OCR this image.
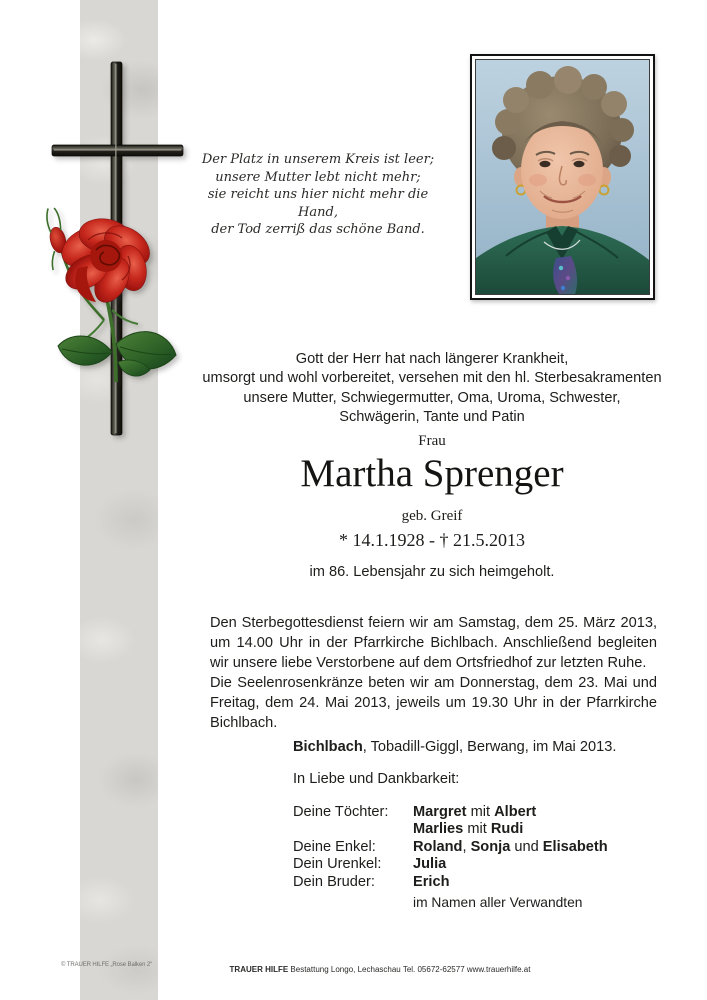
Der Platz in unserem Kreis ist leer;
unsere Mutter lebt nicht mehr;
sie reicht uns hier nicht mehr die Hand,
der Tod zerriß das schöne Band.
Gott der Herr hat nach längerer Krankheit,
umsorgt und wohl vorbereitet, versehen mit den hl. Sterbesakramenten
unsere Mutter, Schwiegermutter, Oma, Uroma, Schwester,
Schwägerin, Tante und Patin
Frau
Martha Sprenger
geb. Greif
* 14.1.1928 - † 21.5.2013
im 86. Lebensjahr zu sich heimgeholt.
Den Sterbegottesdienst feiern wir am Samstag, dem 25. März 2013, um 14.00 Uhr in der Pfarrkirche Bichlbach. Anschließend begleiten wir unsere liebe Verstorbene auf dem Ortsfriedhof zur letzten Ruhe.
Die Seelenrosenkränze beten wir am Donnerstag, dem 23. Mai und Freitag, dem 24. Mai 2013, jeweils um 19.30 Uhr in der Pfarrkirche Bichlbach.
Bichlbach, Tobadill-Giggl, Berwang, im Mai 2013.
In Liebe und Dankbarkeit:
Deine Töchter:	Margret mit Albert
Marlies mit Rudi
Deine Enkel:	Roland, Sonja und Elisabeth
Dein Urenkel:	Julia
Dein Bruder:	Erich
im Namen aller Verwandten
© TRAUER HILFE „Rose Balken 2“	TRAUER HILFE Bestattung Longo, Lechaschau Tel. 05672-62577 www.trauerhilfe.at
